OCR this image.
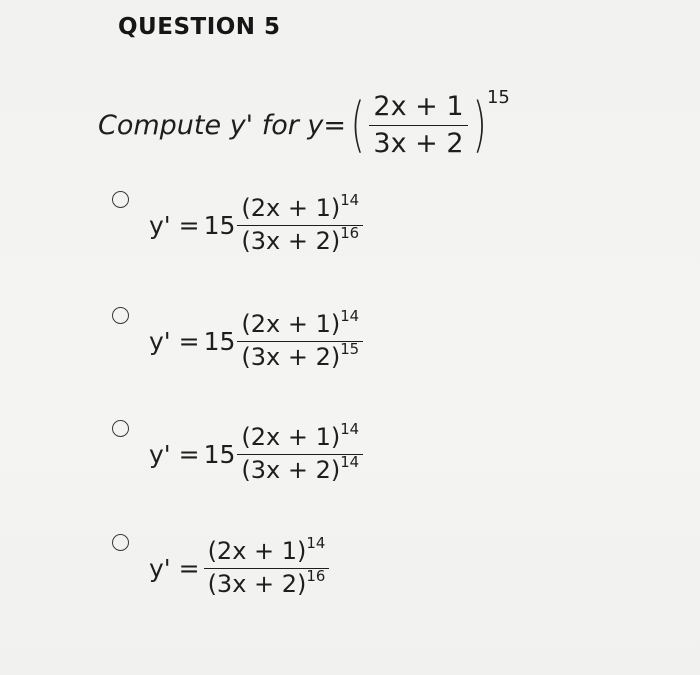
QUESTION 5
Compute y' for y= ( $\frac{2x + 1}{3x + 2}$ ) 15
$y' = 15 \frac{(2x + 1)^{14}}{(3x + 2)^{16}}$
$y' = 15 \frac{(2x + 1)^{14}}{(3x + 2)^{15}}$
$y' = 15 \frac{(2x + 1)^{14}}{(3x + 2)^{14}}$
$y' = \frac{(2x + 1)^{14}}{(3x + 2)^{16}}$
